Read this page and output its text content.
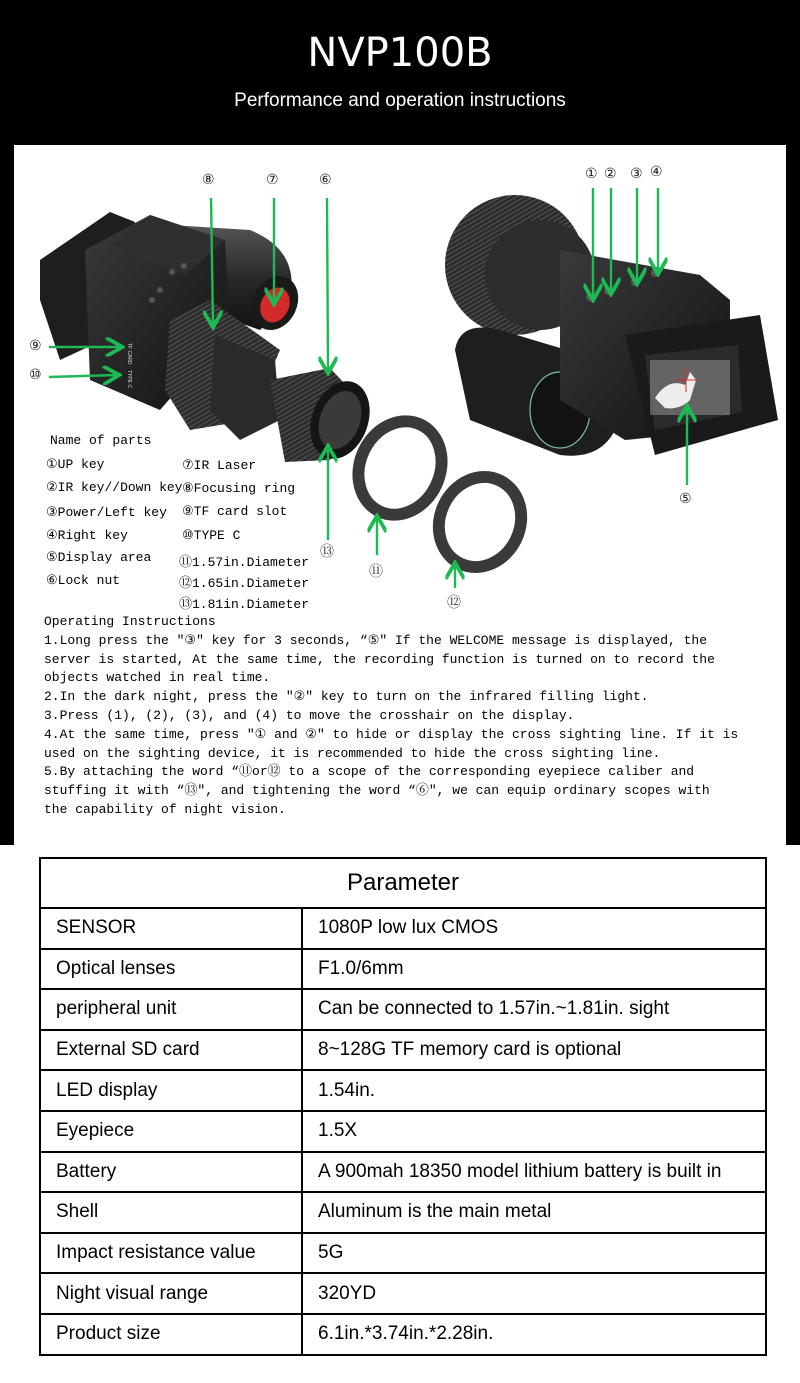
NVP100B
Performance and operation instructions
TF CARD
TYPE C
⑧	⑦	⑥	① ② ③ ④
⑨
⑩
⑤
⑬
⑪
⑫
Name of parts
①UP key
②IR key//Down key
③Power/Left key
④Right key
⑤Display area
⑥Lock nut
⑦IR Laser
⑧Focusing ring
⑨TF card slot
⑩TYPE C
⑪1.57in.Diameter
⑫1.65in.Diameter
⑬1.81in.Diameter
Operating Instructions
1.Long press the "③" key for 3 seconds, “⑤" If the WELCOME message is displayed, the
server is started, At the same time, the recording function is turned on to record the
objects watched in real time.
2.In the dark night, press the "②" key to turn on the infrared filling light.
3.Press (1), (2), (3), and (4) to move the crosshair on the display.
4.At the same time, press "① and ②" to hide or display the cross sighting line. If it is
used on the sighting device, it is recommended to hide the cross sighting line.
5.By attaching the word “⑪or⑫ to a scope of the corresponding eyepiece caliber and
stuffing it with “⑬", and tightening the word “⑥", we can equip ordinary scopes with
the capability of night vision.
Parameter	
SENSOR	1080P low lux CMOS
Optical lenses	F1.0/6mm
peripheral unit	Can be connected to 1.57in.~1.81in. sight
External SD card	8~128G TF memory card is optional
LED display	1.54in.
Eyepiece	1.5X
Battery	A 900mah 18350 model lithium battery is built in
Shell	Aluminum is the main metal
Impact resistance value	5G
Night visual range	320YD
Product size	6.1in.*3.74in.*2.28in.
